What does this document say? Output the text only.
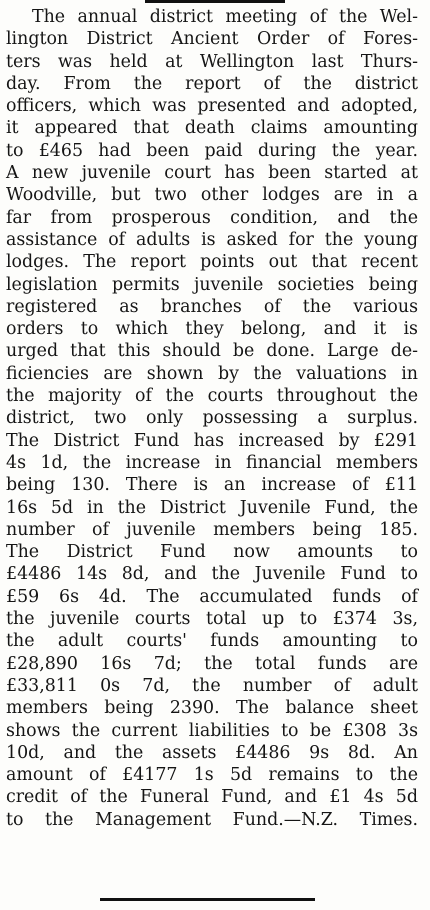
The annual district meeting of the Wel-
lington District Ancient Order of Fores-
ters was held at Wellington last Thurs-
day. From the report of the district
officers, which was presented and adopted,
it appeared that death claims amounting
to £465 had been paid during the year.
A new juvenile court has been started at
Woodville, but two other lodges are in a
far from prosperous condition, and the
assistance of adults is asked for the young
lodges. The report points out that recent
legislation permits juvenile societies being
registered as branches of the various
orders to which they belong, and it is
urged that this should be done. Large de-
ficiencies are shown by the valuations in
the majority of the courts throughout the
district, two only possessing a surplus.
The District Fund has increased by £291
4s 1d, the increase in financial members
being 130. There is an increase of £11
16s 5d in the District Juvenile Fund, the
number of juvenile members being 185.
The District Fund now amounts to
£4486 14s 8d, and the Juvenile Fund to
£59 6s 4d. The accumulated funds of
the juvenile courts total up to £374 3s,
the adult courts' funds amounting to
£28,890 16s 7d; the total funds are
£33,811 0s 7d, the number of adult
members being 2390. The balance sheet
shows the current liabilities to be £308 3s
10d, and the assets £4486 9s 8d. An
amount of £4177 1s 5d remains to the
credit of the Funeral Fund, and £1 4s 5d
to the Management Fund.—N.Z. Times.
